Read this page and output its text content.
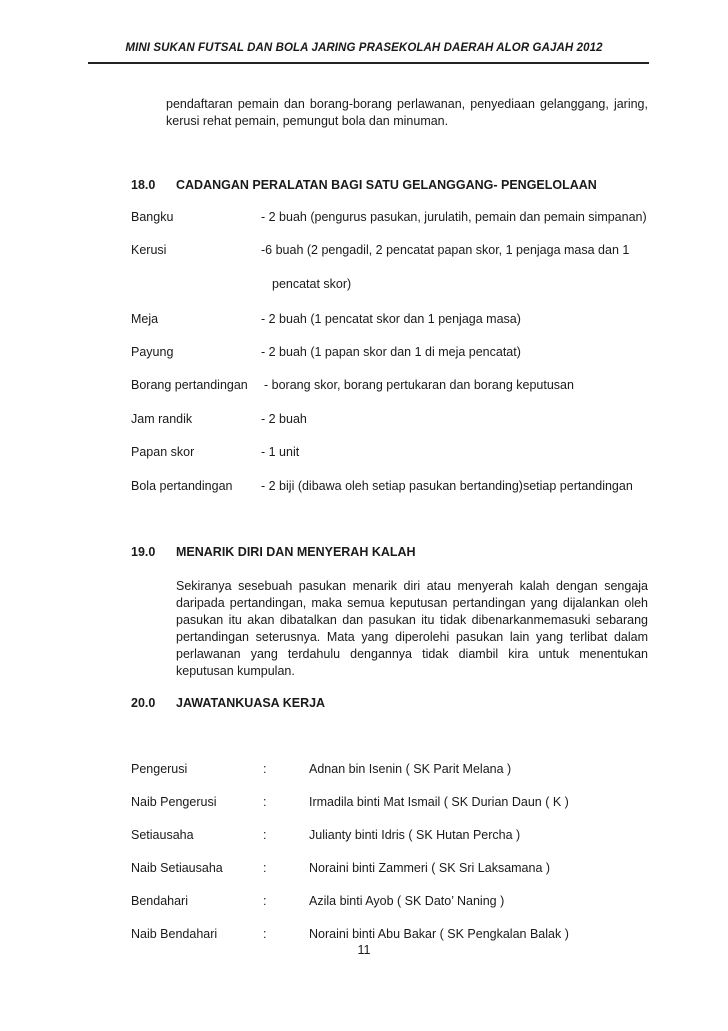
MINI SUKAN FUTSAL DAN BOLA JARING PRASEKOLAH DAERAH ALOR GAJAH 2012
pendaftaran pemain dan borang-borang perlawanan, penyediaan gelanggang, jaring, kerusi rehat pemain, pemungut bola dan minuman.
18.0 CADANGAN PERALATAN BAGI SATU GELANGGANG- PENGELOLAAN
Bangku	- 2 buah (pengurus pasukan, jurulatih, pemain dan pemain simpanan)
Kerusi	-6 buah (2 pengadil, 2 pencatat papan skor, 1 penjaga masa dan 1
pencatat skor)
Meja	- 2 buah (1 pencatat skor dan 1 penjaga masa)
Payung	- 2 buah (1 papan skor dan 1 di meja pencatat)
Borang pertandingan - borang skor, borang pertukaran dan borang keputusan
Jam randik	- 2 buah
Papan skor	- 1 unit
Bola pertandingan - 2 biji (dibawa oleh setiap pasukan bertanding)setiap pertandingan
19.0 MENARIK DIRI DAN MENYERAH KALAH
Sekiranya sesebuah pasukan menarik diri atau menyerah kalah dengan sengaja daripada pertandingan, maka semua keputusan pertandingan yang dijalankan oleh pasukan itu akan dibatalkan dan pasukan itu tidak dibenarkanmemasuki sebarang pertandingan seterusnya. Mata yang diperolehi pasukan lain yang terlibat dalam perlawanan yang terdahulu dengannya tidak diambil kira untuk menentukan keputusan kumpulan.
20.0 JAWATANKUASA KERJA
Pengerusi	:	Adnan bin Isenin ( SK Parit Melana )
Naib Pengerusi	:	Irmadila binti Mat Ismail ( SK Durian Daun ( K )
Setiausaha	:	Julianty binti Idris ( SK Hutan Percha )
Naib Setiausaha	:	Noraini binti Zammeri ( SK Sri Laksamana )
Bendahari	:	Azila binti Ayob ( SK Dato’ Naning )
Naib Bendahari	:	Noraini binti Abu Bakar ( SK Pengkalan Balak )
11
